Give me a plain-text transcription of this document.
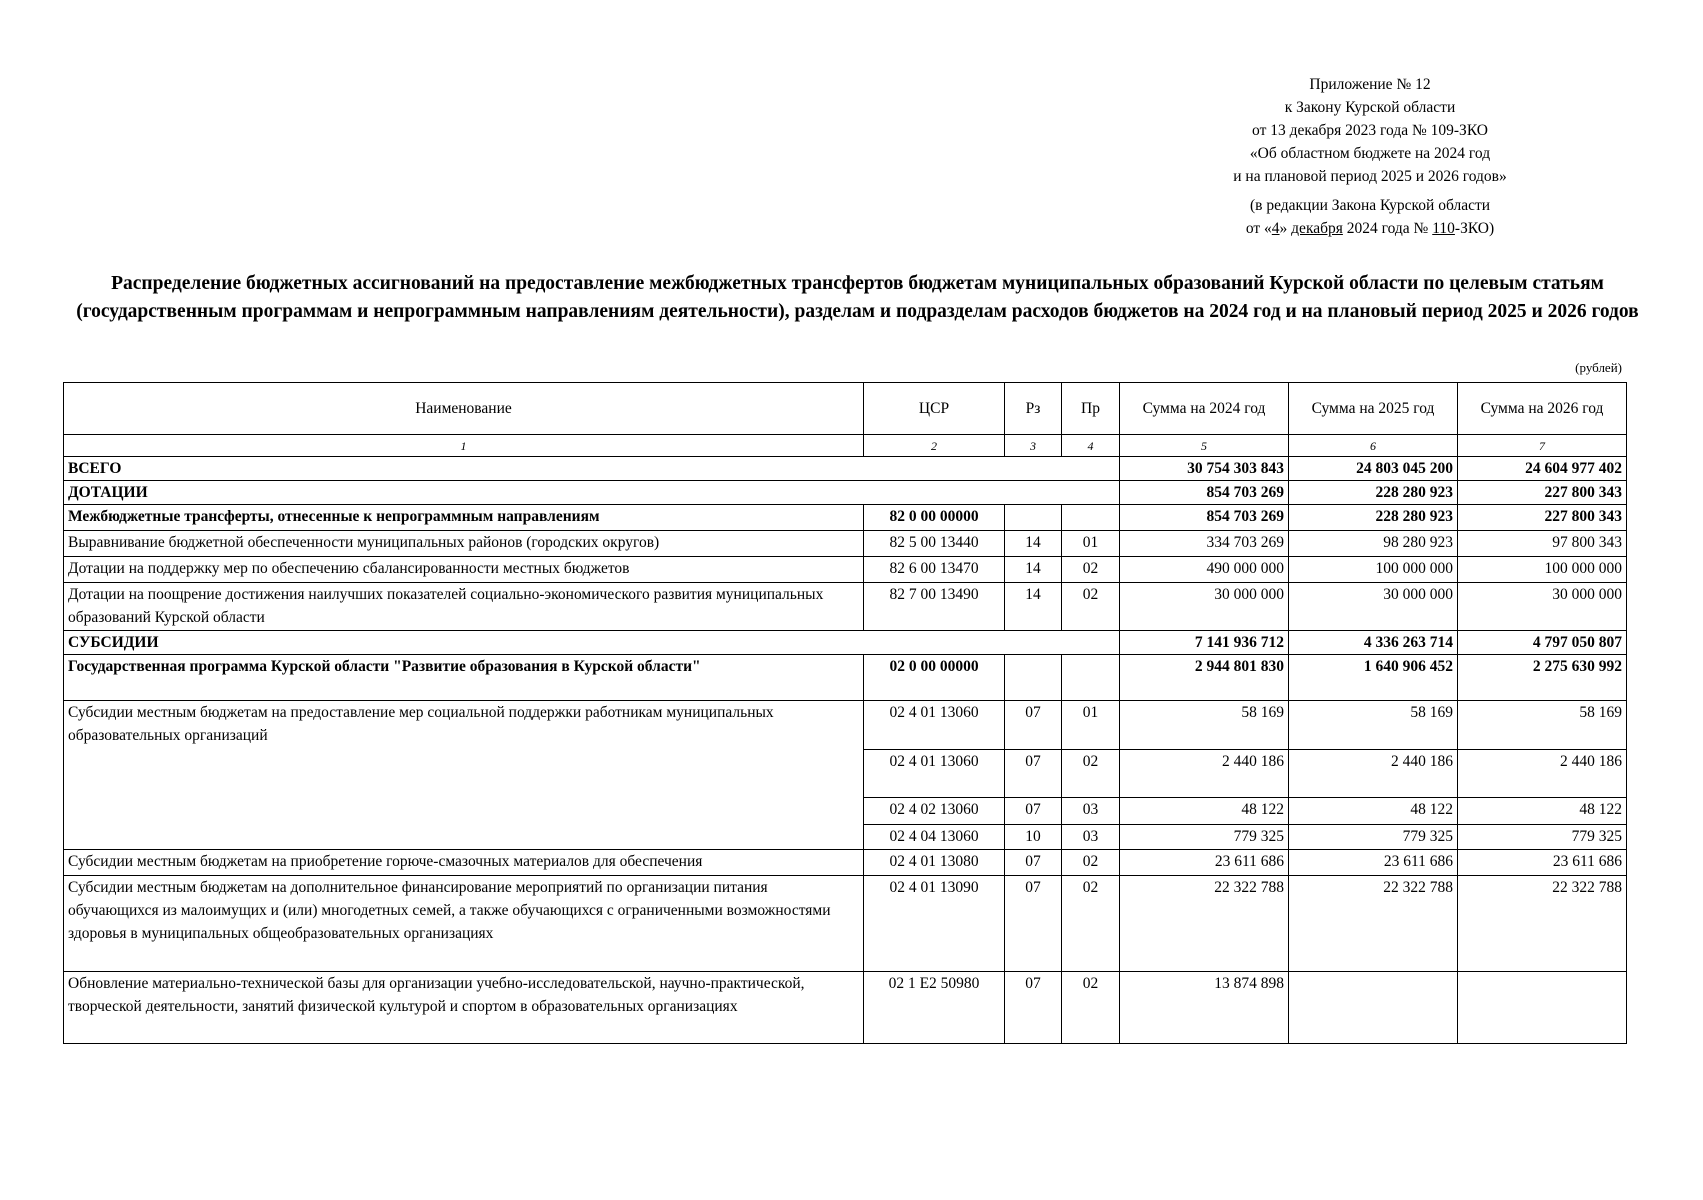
Приложение № 12
к Закону Курской области
от 13 декабря 2023 года № 109-ЗКО
«Об областном бюджете на 2024 год
и на плановой период 2025 и 2026 годов»
(в редакции Закона Курской области
от «4» декабря 2024 года № 110-ЗКО)
Распределение бюджетных ассигнований на предоставление межбюджетных трансфертов бюджетам муниципальных образований Курской области по целевым статьям (государственным программам и непрограммным направлениям деятельности), разделам и подразделам расходов бюджетов на 2024 год и на плановый период 2025 и 2026 годов
(рублей)
Наименование	ЦСР	Рз	Пр	Сумма на 2024 год	Сумма на 2025 год	Сумма на 2026 год
1	2	3	4	5	6	7
ВСЕГО				30 754 303 843	24 803 045 200	24 604 977 402
ДОТАЦИИ				854 703 269	228 280 923	227 800 343
Межбюджетные трансферты, отнесенные к непрограммным направлениям	82 0 00 00000			854 703 269	228 280 923	227 800 343
Выравнивание бюджетной обеспеченности муниципальных районов (городских округов)	82 5 00 13440	14	01	334 703 269	98 280 923	97 800 343
Дотации на поддержку мер по обеспечению сбалансированности местных бюджетов	82 6 00 13470	14	02	490 000 000	100 000 000	100 000 000
Дотации на поощрение достижения наилучших показателей социально-экономического развития муниципальных образований Курской области	82 7 00 13490	14	02	30 000 000	30 000 000	30 000 000
СУБСИДИИ				7 141 936 712	4 336 263 714	4 797 050 807
Государственная программа Курской области "Развитие образования в Курской области"	02 0 00 00000			2 944 801 830	1 640 906 452	2 275 630 992
Субсидии местным бюджетам на предоставление мер социальной поддержки работникам муниципальных образовательных организаций	02 4 01 13060	07	01	58 169	58 169	58 169
	02 4 01 13060	07	02	2 440 186	2 440 186	2 440 186
	02 4 02 13060	07	03	48 122	48 122	48 122
	02 4 04 13060	10	03	779 325	779 325	779 325
Субсидии местным бюджетам на приобретение горюче-смазочных материалов для обеспечения	02 4 01 13080	07	02	23 611 686	23 611 686	23 611 686
Субсидии местным бюджетам на дополнительное финансирование мероприятий по организации питания обучающихся из малоимущих и (или) многодетных семей, а также обучающихся с ограниченными возможностями здоровья в муниципальных общеобразовательных организациях	02 4 01 13090	07	02	22 322 788	22 322 788	22 322 788
Обновление материально-технической базы для организации учебно-исследовательской, научно-практической, творческой деятельности, занятий физической культурой и спортом в образовательных организациях	02 1 E2 50980	07	02	13 874 898		
